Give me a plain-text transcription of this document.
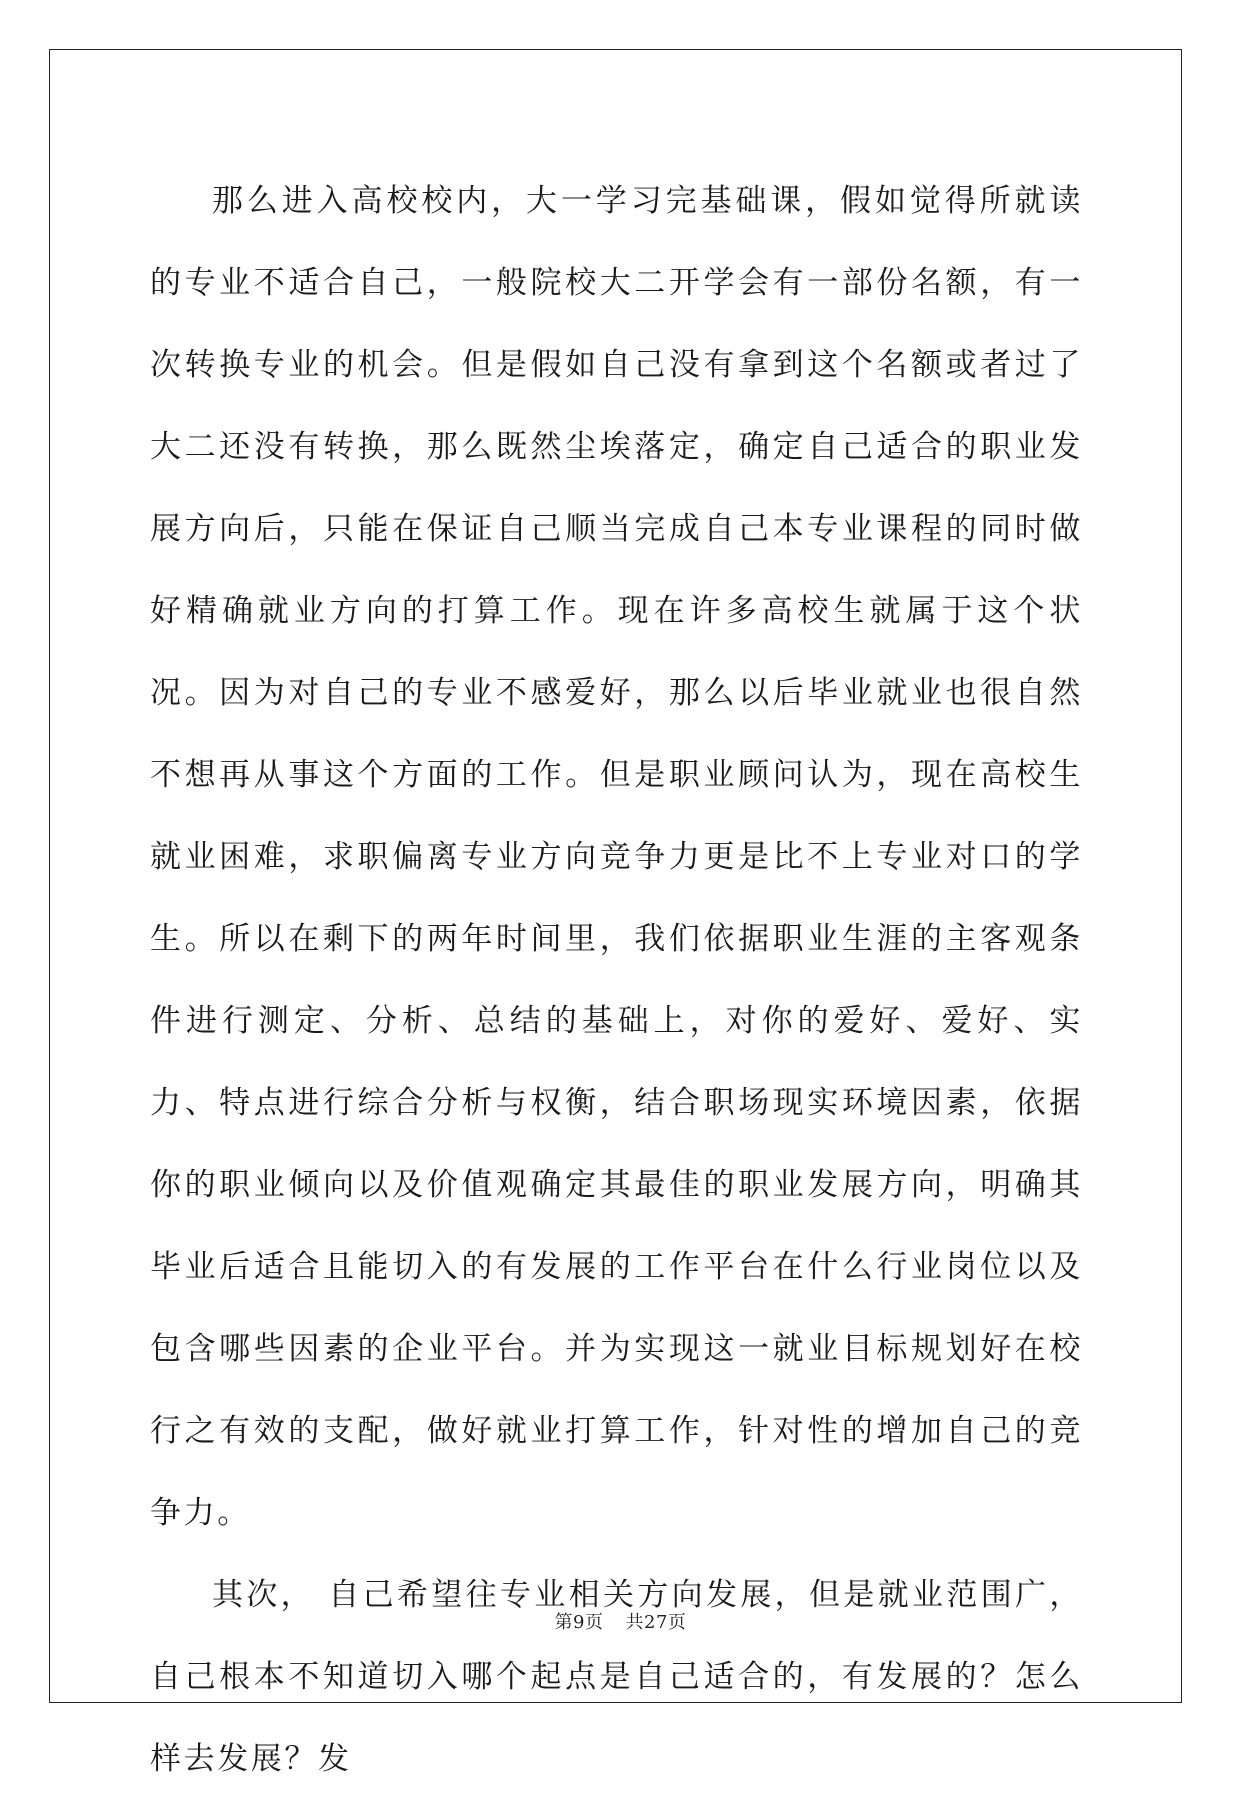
那么进入高校校内，大一学习完基础课，假如觉得所就读的专业不适合自己，一般院校大二开学会有一部份名额，有一次转换专业的机会。但是假如自己没有拿到这个名额或者过了大二还没有转换，那么既然尘埃落定，确定自己适合的职业发展方向后，只能在保证自己顺当完成自己本专业课程的同时做好精确就业方向的打算工作。现在许多高校生就属于这个状况。因为对自己的专业不感爱好，那么以后毕业就业也很自然不想再从事这个方面的工作。但是职业顾问认为，现在高校生就业困难，求职偏离专业方向竞争力更是比不上专业对口的学生。所以在剩下的两年时间里，我们依据职业生涯的主客观条件进行测定、分析、总结的基础上，对你的爱好、爱好、实力、特点进行综合分析与权衡，结合职场现实环境因素，依据你的职业倾向以及价值观确定其最佳的职业发展方向，明确其毕业后适合且能切入的有发展的工作平台在什么行业岗位以及包含哪些因素的企业平台。并为实现这一就业目标规划好在校行之有效的支配，做好就业打算工作，针对性的增加自己的竞争力。

其次， 自己希望往专业相关方向发展，但是就业范围广，自己根本不知道切入哪个起点是自己适合的，有发展的？怎么样去发展？发

第9页 共27页
